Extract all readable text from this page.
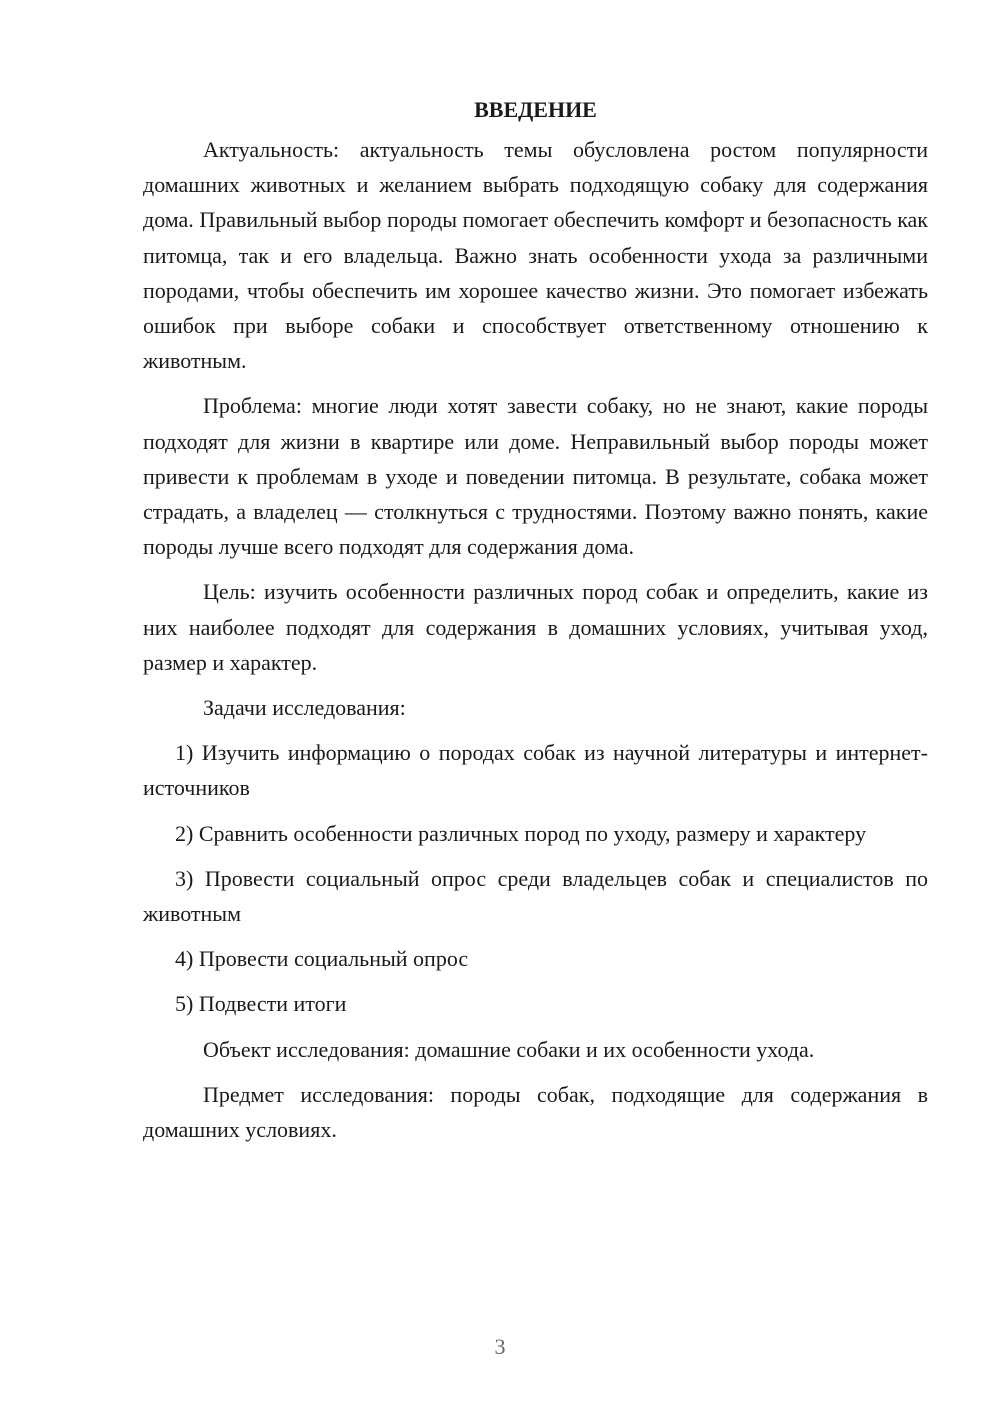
ВВЕДЕНИЕ

Актуальность: актуальность темы обусловлена ростом популярности домашних животных и желанием выбрать подходящую собаку для содержания дома. Правильный выбор породы помогает обеспечить комфорт и безопасность как питомца, так и его владельца. Важно знать особенности ухода за различными породами, чтобы обеспечить им хорошее качество жизни. Это помогает избежать ошибок при выборе собаки и способствует ответственному отношению к животным.

Проблема: многие люди хотят завести собаку, но не знают, какие породы подходят для жизни в квартире или доме. Неправильный выбор породы может привести к проблемам в уходе и поведении питомца. В результате, собака может страдать, а владелец — столкнуться с трудностями. Поэтому важно понять, какие породы лучше всего подходят для содержания дома.

Цель: изучить особенности различных пород собак и определить, какие из них наиболее подходят для содержания в домашних условиях, учитывая уход, размер и характер.

Задачи исследования:

1) Изучить информацию о породах собак из научной литературы и интернет-источников

2) Сравнить особенности различных пород по уходу, размеру и характеру

3) Провести социальный опрос среди владельцев собак и специалистов по животным

4) Провести социальный опрос

5) Подвести итоги

Объект исследования: домашние собаки и их особенности ухода.

Предмет исследования: породы собак, подходящие для содержания в домашних условиях.

3
